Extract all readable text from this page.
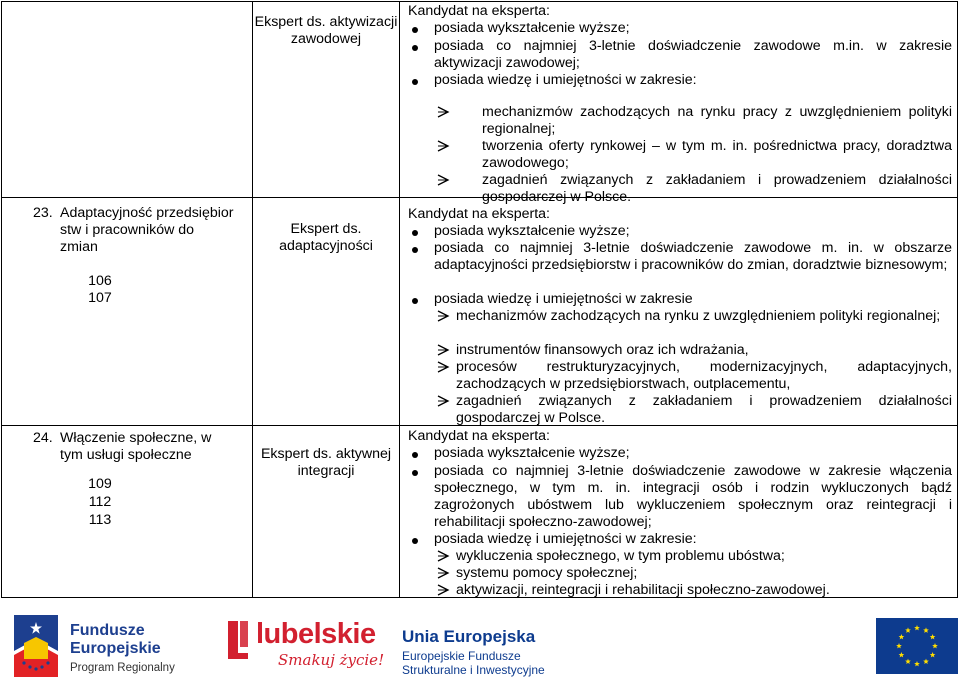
Ekspert ds. aktywizacji zawodowej
23. Adaptacyjność przedsiębior
stw i pracowników do
zmian
106
107
Ekspert ds. adaptacyjności
24. Włączenie społeczne, w tym usługi społeczne
109
112
113
Ekspert ds. aktywnej integracji
Kandydat na eksperta:
posiada wykształcenie wyższe;
posiada co najmniej 3-letnie doświadczenie zawodowe m.in. w zakresie aktywizacji zawodowej;
posiada wiedzę i umiejętności w zakresie:
mechanizmów zachodzących na rynku pracy z uwzględnieniem polityki regionalnej;
tworzenia oferty rynkowej – w tym m. in. pośrednictwa pracy, doradztwa zawodowego;
zagadnień związanych z zakładaniem i prowadzeniem działalności gospodarczej w Polsce.
Kandydat na eksperta:
posiada wykształcenie wyższe;
posiada co najmniej 3-letnie doświadczenie zawodowe m. in. w obszarze adaptacyjności przedsiębiorstw i pracowników do zmian, doradztwie biznesowym;
posiada wiedzę i umiejętności w zakresie
mechanizmów zachodzących na rynku z uwzględnieniem polityki regionalnej;
instrumentów finansowych oraz ich wdrażania,
procesów restrukturyzacyjnych, modernizacyjnych, adaptacyjnych, zachodzących w przedsiębiorstwach, outplacementu,
zagadnień związanych z zakładaniem i prowadzeniem działalności gospodarczej w Polsce.
Kandydat na eksperta:
posiada wykształcenie wyższe;
posiada co najmniej 3-letnie doświadczenie zawodowe w zakresie włączenia społecznego, w tym m. in. integracji osób i rodzin wykluczonych bądź zagrożonych ubóstwem lub wykluczeniem społecznym oraz reintegracji i rehabilitacji społeczno-zawodowej;
posiada wiedzę i umiejętności w zakresie:
wykluczenia społecznego, w tym problemu ubóstwa;
systemu pomocy społecznej;
aktywizacji, reintegracji i rehabilitacji społeczno-zawodowej.
Fundusze
Europejskie
Program Regionalny
lubelskie
Smakuj życie!
Unia Europejska
Europejskie Fundusze
Strukturalne i Inwestycyjne
